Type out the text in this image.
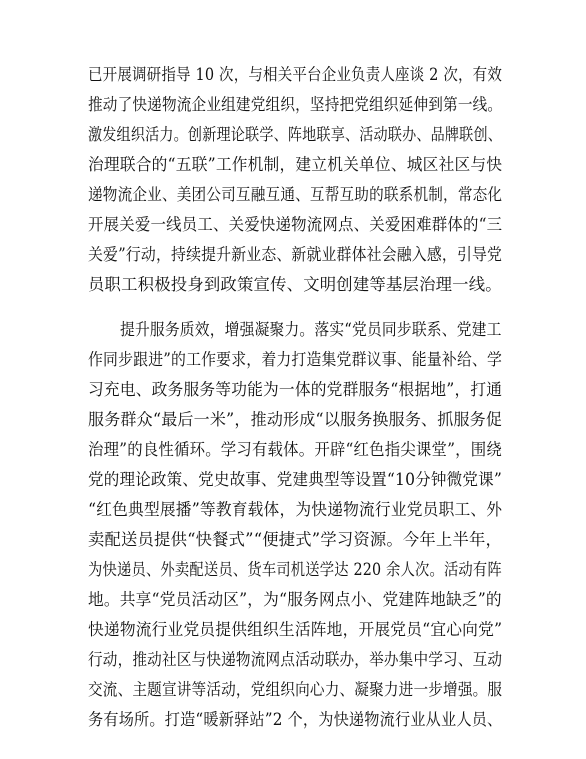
已开展调研指导 10 次，与相关平台企业负责人座谈 2 次，有效
推动了快递物流企业组建党组织，坚持把党组织延伸到第一线。
激发组织活力。创新理论联学、阵地联享、活动联办、品牌联创、
治理联合的“五联”工作机制，建立机关单位、城区社区与快
递物流企业、美团公司互融互通、互帮互助的联系机制，常态化
开展关爱一线员工、关爱快递物流网点、关爱困难群体的“三
关爱”行动，持续提升新业态、新就业群体社会融入感，引导党
员职工积极投身到政策宣传、文明创建等基层治理一线。
提升服务质效，增强凝聚力。落实“党员同步联系、党建工
作同步跟进”的工作要求，着力打造集党群议事、能量补给、学
习充电、政务服务等功能为一体的党群服务“根据地”，打通
服务群众“最后一米”，推动形成“以服务换服务、抓服务促
治理”的良性循环。学习有载体。开辟“红色指尖课堂”，围绕
党的理论政策、党史故事、党建典型等设置“10分钟微党课”
“红色典型展播”等教育载体，为快递物流行业党员职工、外
卖配送员提供“快餐式”“便捷式”学习资源。今年上半年，
为快递员、外卖配送员、货车司机送学达 220 余人次。活动有阵
地。共享“党员活动区”，为“服务网点小、党建阵地缺乏”的
快递物流行业党员提供组织生活阵地，开展党员“宜心向党”
行动，推动社区与快递物流网点活动联办，举办集中学习、互动
交流、主题宣讲等活动，党组织向心力、凝聚力进一步增强。服
务有场所。打造“暖新驿站”2 个，为快递物流行业从业人员、
